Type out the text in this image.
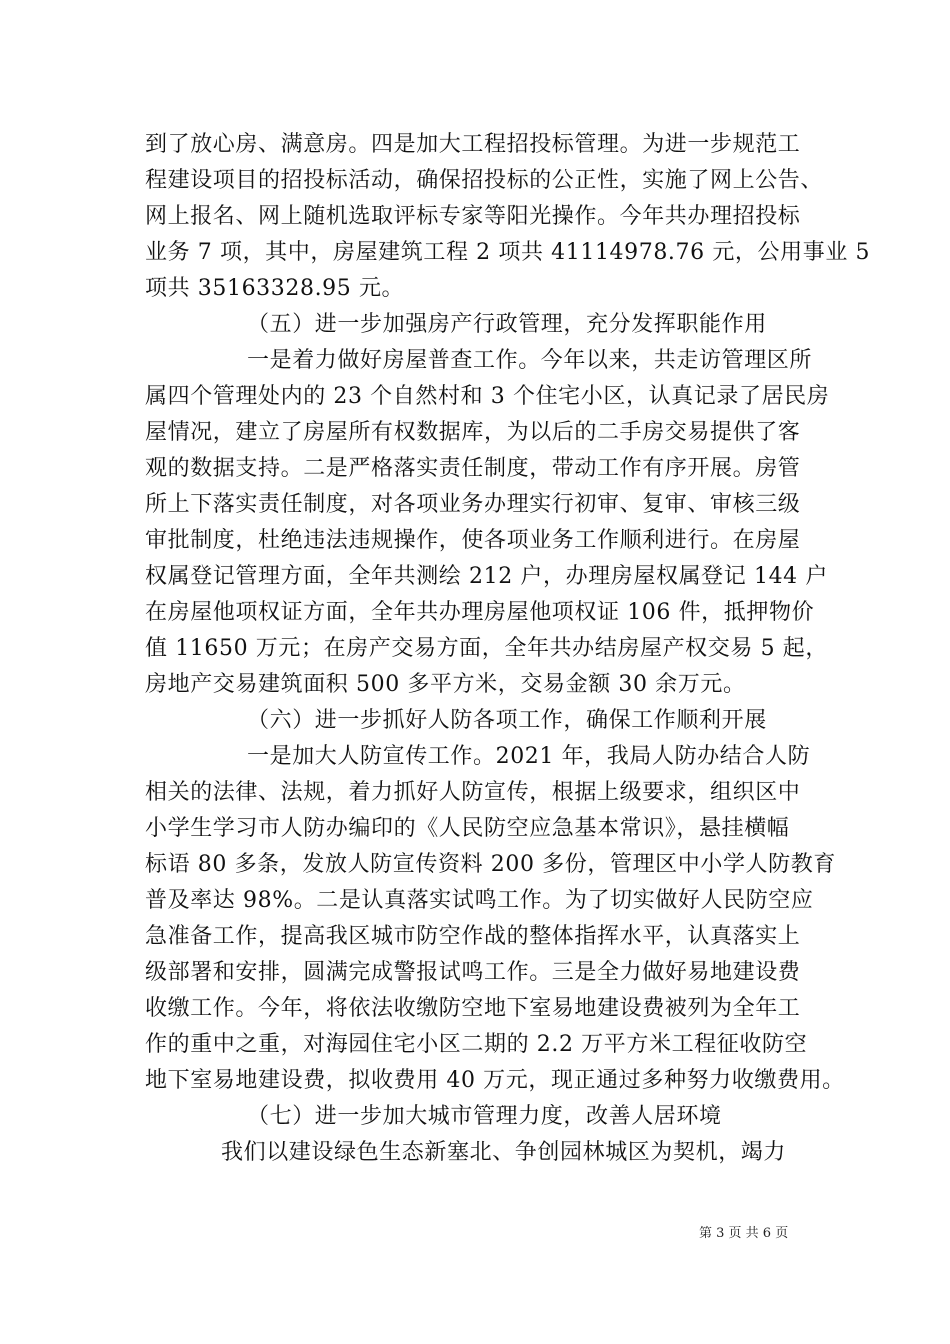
到了放心房、满意房。四是加大工程招投标管理。为进一步规范工
程建设项目的招投标活动，确保招投标的公正性，实施了网上公告、
网上报名、网上随机选取评标专家等阳光操作。今年共办理招投标
业务 7 项，其中，房屋建筑工程 2 项共 41114978.76 元，公用事业 5
项共 35163328.95 元。
（五）进一步加强房产行政管理，充分发挥职能作用
一是着力做好房屋普查工作。今年以来，共走访管理区所
属四个管理处内的 23 个自然村和 3 个住宅小区，认真记录了居民房
屋情况，建立了房屋所有权数据库，为以后的二手房交易提供了客
观的数据支持。二是严格落实责任制度，带动工作有序开展。房管
所上下落实责任制度，对各项业务办理实行初审、复审、审核三级
审批制度，杜绝违法违规操作，使各项业务工作顺利进行。在房屋
权属登记管理方面，全年共测绘 212 户，办理房屋权属登记 144 户
在房屋他项权证方面，全年共办理房屋他项权证 106 件，抵押物价
值 11650 万元；在房产交易方面，全年共办结房屋产权交易 5 起，
房地产交易建筑面积 500 多平方米，交易金额 30 余万元。
（六）进一步抓好人防各项工作，确保工作顺利开展
一是加大人防宣传工作。2021 年，我局人防办结合人防
相关的法律、法规，着力抓好人防宣传，根据上级要求，组织区中
小学生学习市人防办编印的《人民防空应急基本常识》，悬挂横幅
标语 80 多条，发放人防宣传资料 200 多份，管理区中小学人防教育
普及率达 98%。二是认真落实试鸣工作。为了切实做好人民防空应
急准备工作，提高我区城市防空作战的整体指挥水平，认真落实上
级部署和安排，圆满完成警报试鸣工作。三是全力做好易地建设费
收缴工作。今年，将依法收缴防空地下室易地建设费被列为全年工
作的重中之重，对海园住宅小区二期的 2.2 万平方米工程征收防空
地下室易地建设费，拟收费用 40 万元，现正通过多种努力收缴费用。
（七）进一步加大城市管理力度，改善人居环境
我们以建设绿色生态新塞北、争创园林城区为契机，竭力
第 3 页 共 6 页
